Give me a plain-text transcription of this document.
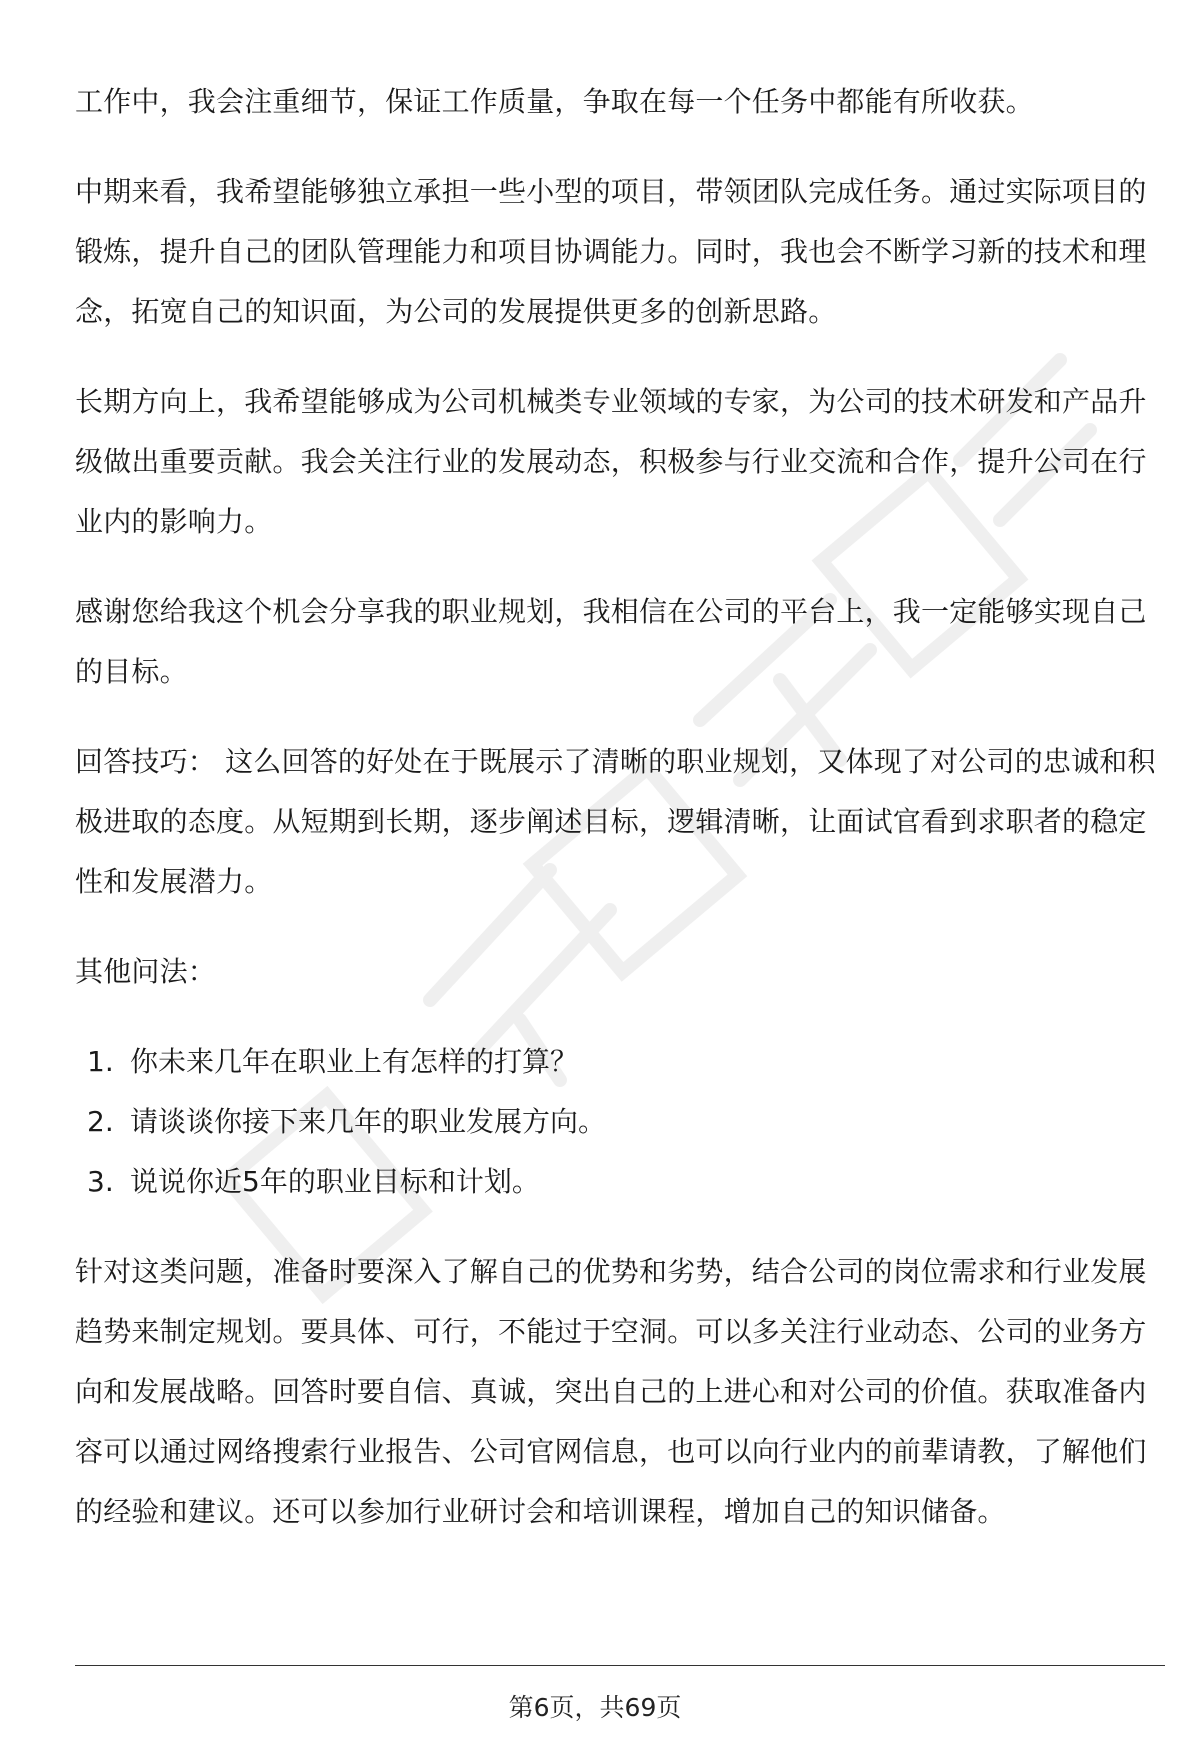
工作中，我会注重细节，保证工作质量，争取在每一个任务中都能有所收获。

中期来看，我希望能够独立承担一些小型的项目，带领团队完成任务。通过实际项目的锻炼，提升自己的团队管理能力和项目协调能力。同时，我也会不断学习新的技术和理念，拓宽自己的知识面，为公司的发展提供更多的创新思路。

长期方向上，我希望能够成为公司机械类专业领域的专家，为公司的技术研发和产品升级做出重要贡献。我会关注行业的发展动态，积极参与行业交流和合作，提升公司在行业内的影响力。

感谢您给我这个机会分享我的职业规划，我相信在公司的平台上，我一定能够实现自己的目标。

回答技巧： 这么回答的好处在于既展示了清晰的职业规划，又体现了对公司的忠诚和积极进取的态度。从短期到长期，逐步阐述目标，逻辑清晰，让面试官看到求职者的稳定性和发展潜力。

其他问法：

1. 你未来几年在职业上有怎样的打算？
2. 请谈谈你接下来几年的职业发展方向。
3. 说说你近5年的职业目标和计划。

针对这类问题，准备时要深入了解自己的优势和劣势，结合公司的岗位需求和行业发展趋势来制定规划。要具体、可行，不能过于空洞。可以多关注行业动态、公司的业务方向和发展战略。回答时要自信、真诚，突出自己的上进心和对公司的价值。获取准备内容可以通过网络搜索行业报告、公司官网信息，也可以向行业内的前辈请教，了解他们的经验和建议。还可以参加行业研讨会和培训课程，增加自己的知识储备。

第6页，共69页
